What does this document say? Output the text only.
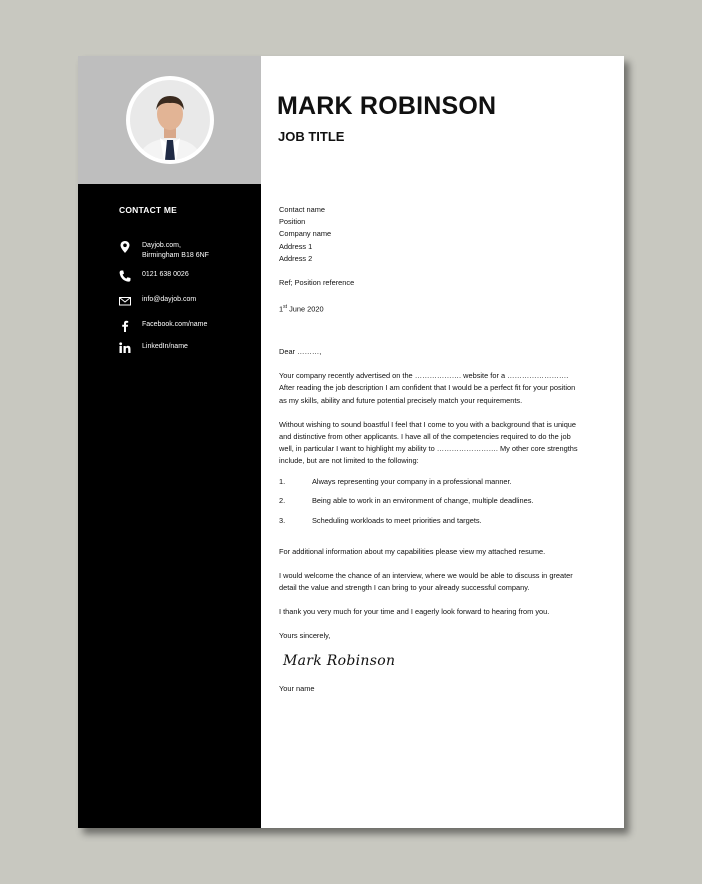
CONTACT ME
Dayjob.com,
Birmingham B18 6NF
0121 638 0026
info@dayjob.com
Facebook.com/name
LinkedIn/name
MARK ROBINSON
JOB TITLE
Contact name
Position
Company name
Address 1
Address 2

Ref; Position reference

1st June 2020

Dear ………,

Your company recently advertised on the ………………. website for a ……………………. After reading the job description I am confident that I would be a perfect fit for your position as my skills, ability and future potential precisely match your requirements.

Without wishing to sound boastful I feel that I come to you with a background that is unique and distinctive from other applicants. I have all of the competencies required to do the job well, in particular I want to highlight my ability to ……………………. My other core strengths include, but are not limited to the following:

1.	Always representing your company in a professional manner.
2.	Being able to work in an environment of change, multiple deadlines.
3.	Scheduling workloads to meet priorities and targets.

For additional information about my capabilities please view my attached resume.

I would welcome the chance of an interview, where we would be able to discuss in greater detail the value and strength I can bring to your already successful company.

I thank you very much for your time and I eagerly look forward to hearing from you.

Yours sincerely,

Mark Robinson

Your name
